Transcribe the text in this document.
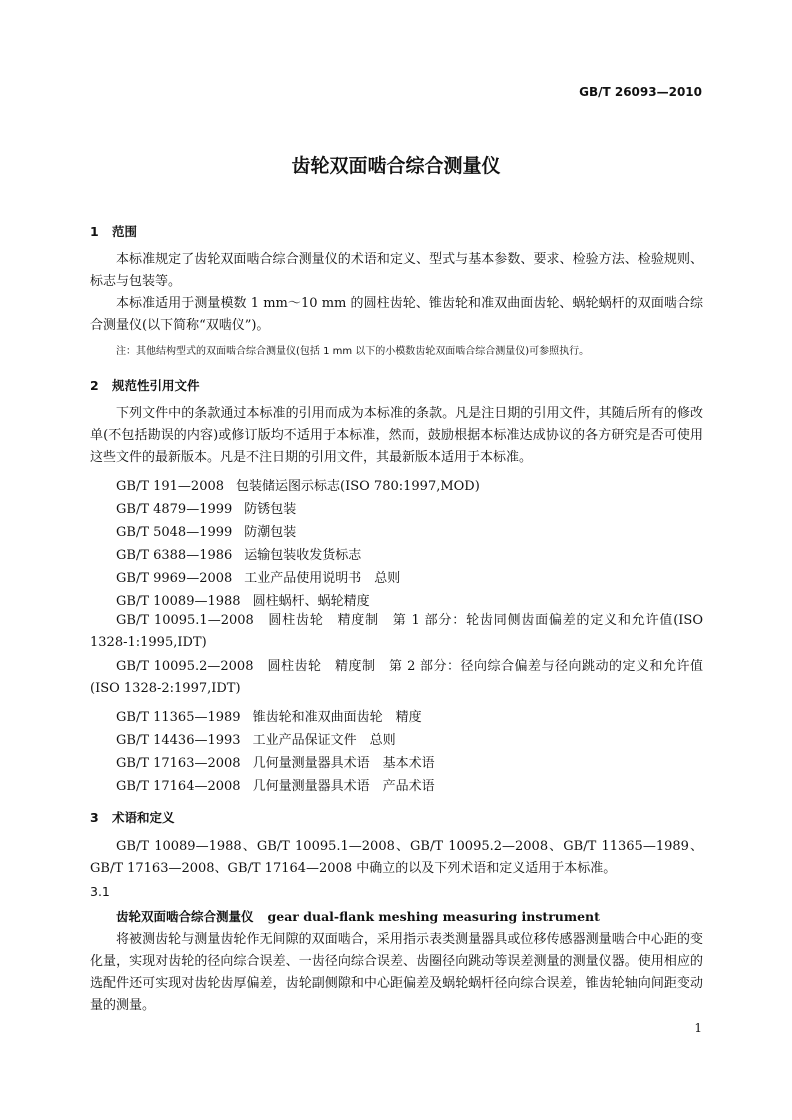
GB/T 26093—2010
齿轮双面啮合综合测量仪
1 范围

本标准规定了齿轮双面啮合综合测量仪的术语和定义、型式与基本参数、要求、检验方法、检验规则、标志与包装等。

本标准适用于测量模数 1 mm～10 mm 的圆柱齿轮、锥齿轮和准双曲面齿轮、蜗轮蜗杆的双面啮合综合测量仪(以下简称“双啮仪”)。

注：其他结构型式的双面啮合综合测量仪(包括 1 mm 以下的小模数齿轮双面啮合综合测量仪)可参照执行。
2 规范性引用文件

下列文件中的条款通过本标准的引用而成为本标准的条款。凡是注日期的引用文件，其随后所有的修改单(不包括勘误的内容)或修订版均不适用于本标准，然而，鼓励根据本标准达成协议的各方研究是否可使用这些文件的最新版本。凡是不注日期的引用文件，其最新版本适用于本标准。

GB/T 191—2008 包装储运图示标志(ISO 780:1997,MOD)
GB/T 4879—1999 防锈包装
GB/T 5048—1999 防潮包装
GB/T 6388—1986 运输包装收发货标志
GB/T 9969—2008 工业产品使用说明书　总则
GB/T 10089—1988 圆柱蜗杆、蜗轮精度
GB/T 10095.1—2008　 圆柱齿轮　精度制　第 1 部分：轮齿同侧齿面偏差的定义和允许值(ISO 1328-1:1995,IDT)
GB/T 10095.2—2008　 圆柱齿轮　精度制　第 2 部分：径向综合偏差与径向跳动的定义和允许值(ISO 1328-2:1997,IDT)
GB/T 11365—1989 锥齿轮和准双曲面齿轮　精度
GB/T 14436—1993 工业产品保证文件　总则
GB/T 17163—2008 几何量测量器具术语　基本术语
GB/T 17164—2008 几何量测量器具术语　产品术语
3 术语和定义

GB/T 10089—1988、GB/T 10095.1—2008、GB/T 10095.2—2008、GB/T 11365—1989、GB/T 17163—2008、GB/T 17164—2008 中确立的以及下列术语和定义适用于本标准。

3.1
齿轮双面啮合综合测量仪 gear dual-flank meshing measuring instrument

将被测齿轮与测量齿轮作无间隙的双面啮合，采用指示表类测量器具或位移传感器测量啮合中心距的变化量，实现对齿轮的径向综合误差、一齿径向综合误差、齿圈径向跳动等误差测量的测量仪器。使用相应的选配件还可实现对齿轮齿厚偏差，齿轮副侧隙和中心距偏差及蜗轮蜗杆径向综合误差，锥齿轮轴向间距变动量的测量。

1
